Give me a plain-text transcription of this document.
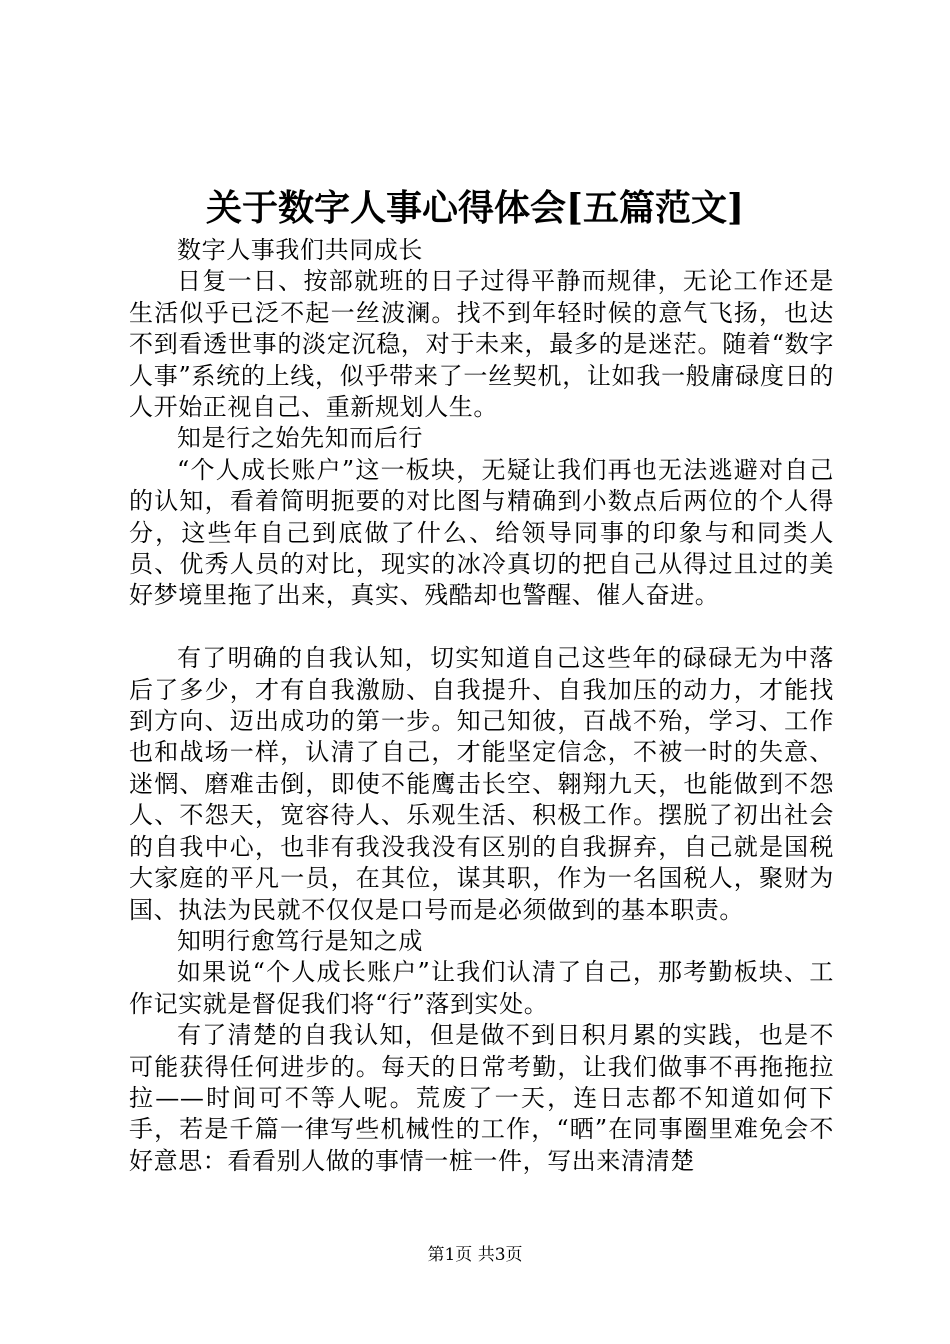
关于数字人事心得体会[五篇范文]

数字人事我们共同成长

日复一日、按部就班的日子过得平静而规律，无论工作还是生活似乎已泛不起一丝波澜。找不到年轻时候的意气飞扬，也达不到看透世事的淡定沉稳，对于未来，最多的是迷茫。随着“数字人事”系统的上线，似乎带来了一丝契机，让如我一般庸碌度日的人开始正视自己、重新规划人生。

知是行之始先知而后行

“个人成长账户”这一板块，无疑让我们再也无法逃避对自己的认知，看着简明扼要的对比图与精确到小数点后两位的个人得分，这些年自己到底做了什么、给领导同事的印象与和同类人员、优秀人员的对比，现实的冰冷真切的把自己从得过且过的美好梦境里拖了出来，真实、残酷却也警醒、催人奋进。

有了明确的自我认知，切实知道自己这些年的碌碌无为中落后了多少，才有自我激励、自我提升、自我加压的动力，才能找到方向、迈出成功的第一步。知己知彼，百战不殆，学习、工作也和战场一样，认清了自己，才能坚定信念，不被一时的失意、迷惘、磨难击倒，即使不能鹰击长空、翱翔九天，也能做到不怨人、不怨天，宽容待人、乐观生活、积极工作。摆脱了初出社会的自我中心，也非有我没我没有区别的自我摒弃，自己就是国税大家庭的平凡一员，在其位，谋其职，作为一名国税人，聚财为国、执法为民就不仅仅是口号而是必须做到的基本职责。

知明行愈笃行是知之成

如果说“个人成长账户”让我们认清了自己，那考勤板块、工作记实就是督促我们将“行”落到实处。

有了清楚的自我认知，但是做不到日积月累的实践，也是不可能获得任何进步的。每天的日常考勤，让我们做事不再拖拖拉拉——时间可不等人呢。荒废了一天，连日志都不知道如何下手，若是千篇一律写些机械性的工作，“晒”在同事圈里难免会不好意思：看看别人做的事情一桩一件，写出来清清楚

第1页 共3页
